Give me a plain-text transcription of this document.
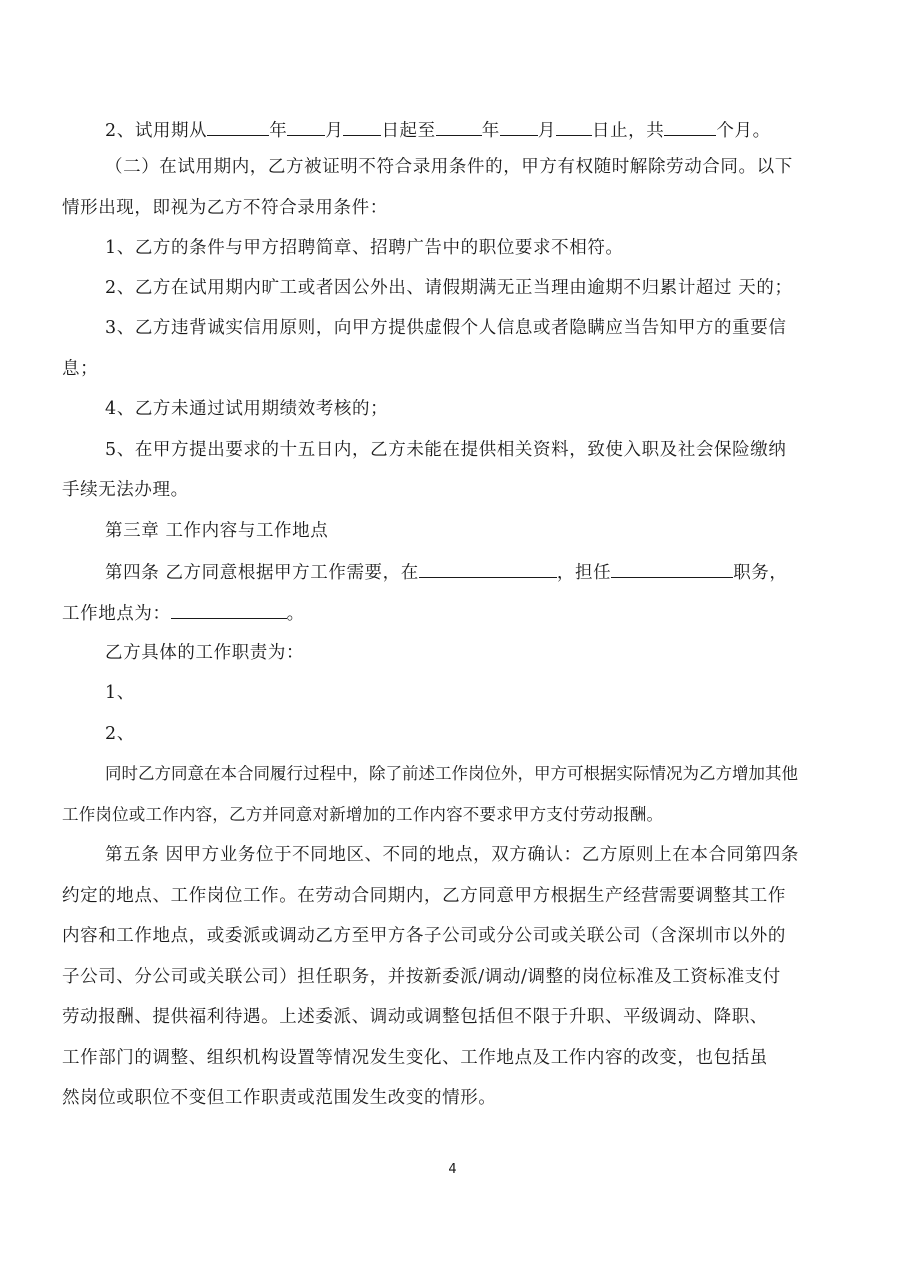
2、试用期从	年 月 日起至	年 月 日止，共	个月。
（二）在试用期内，乙方被证明不符合录用条件的，甲方有权随时解除劳动合同。以下
情形出现，即视为乙方不符合录用条件：
1、乙方的条件与甲方招聘简章、招聘广告中的职位要求不相符。
2、乙方在试用期内旷工或者因公外出、请假期满无正当理由逾期不归累计超过 天的；
3、乙方违背诚实信用原则，向甲方提供虚假个人信息或者隐瞒应当告知甲方的重要信
息；
4、乙方未通过试用期绩效考核的；
5、在甲方提出要求的十五日内，乙方未能在提供相关资料，致使入职及社会保险缴纳
手续无法办理。
第三章 工作内容与工作地点
第四条 乙方同意根据甲方工作需要，在	，担任	职务，
工作地点为：	。
乙方具体的工作职责为：
1、
2、
同时乙方同意在本合同履行过程中，除了前述工作岗位外，甲方可根据实际情况为乙方增加其他
工作岗位或工作内容，乙方并同意对新增加的工作内容不要求甲方支付劳动报酬。
第五条 因甲方业务位于不同地区、不同的地点，双方确认：乙方原则上在本合同第四条
约定的地点、工作岗位工作。在劳动合同期内，乙方同意甲方根据生产经营需要调整其工作
内容和工作地点，或委派或调动乙方至甲方各子公司或分公司或关联公司（含深圳市以外的
子公司、分公司或关联公司）担任职务，并按新委派/调动/调整的岗位标准及工资标准支付
劳动报酬、提供福利待遇。上述委派、调动或调整包括但不限于升职、平级调动、降职、
工作部门的调整、组织机构设置等情况发生变化、工作地点及工作内容的改变，也包括虽
然岗位或职位不变但工作职责或范围发生改变的情形。
4
